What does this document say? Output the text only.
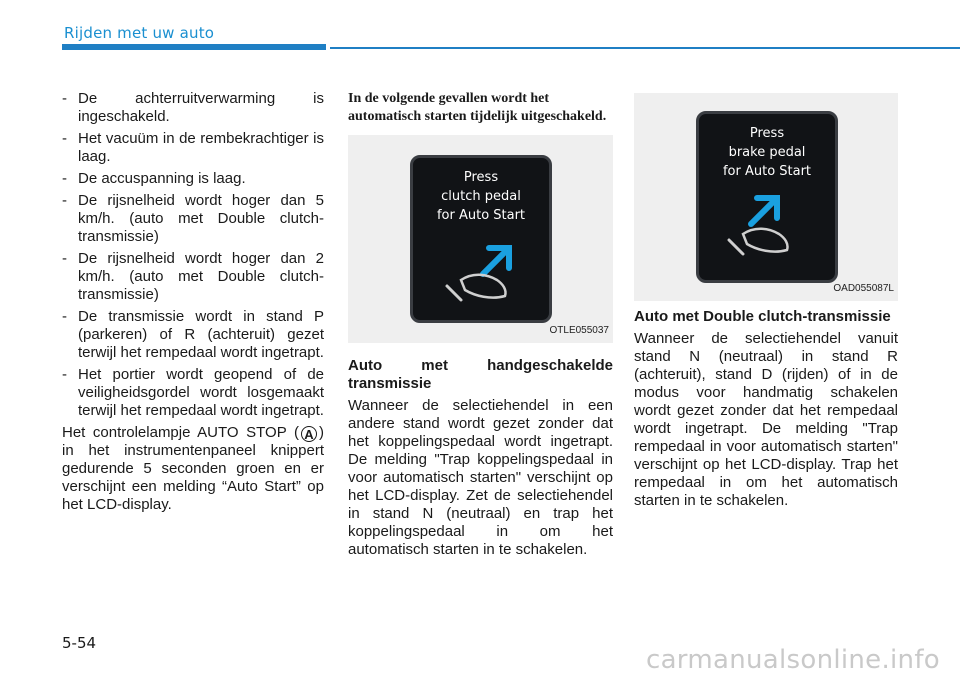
Rijden met uw auto
- De achterruitverwarming is ingeschakeld.
- Het vacuüm in de rembekrachtiger is laag.
- De accuspanning is laag.
- De rijsnelheid wordt hoger dan 5 km/h. (auto met Double clutch-transmissie)
- De rijsnelheid wordt hoger dan 2 km/h. (auto met Double clutch-transmissie)
- De transmissie wordt in stand P (parkeren) of R (achteruit) gezet terwijl het rempedaal wordt ingetrapt.
- Het portier wordt geopend of de veiligheidsgordel wordt losgemaakt terwijl het rempedaal wordt ingetrapt.
Het controlelampje AUTO STOP ( A ) in het instrumentenpaneel knippert gedurende 5 seconden groen en er verschijnt een melding “Auto Start” op het LCD-display.

In de volgende gevallen wordt het automatisch starten tijdelijk uitgeschakeld.

Press
clutch pedal
for Auto Start
OTLE055037

Auto met handgeschakelde transmissie

Wanneer de selectiehendel in een andere stand wordt gezet zonder dat het koppelingspedaal wordt ingetrapt. De melding "Trap koppelingspedaal in voor automatisch starten" verschijnt op het LCD-display. Zet de selectiehendel in stand N (neutraal) en trap het koppelingspedaal in om het automatisch starten in te schakelen.

Press
brake pedal
for Auto Start
OAD055087L

Auto met Double clutch-transmissie

Wanneer de selectiehendel vanuit stand N (neutraal) in stand R (achteruit), stand D (rijden) of in de modus voor handmatig schakelen wordt gezet zonder dat het rempedaal wordt ingetrapt. De melding "Trap rempedaal in voor automatisch starten" verschijnt op het LCD-display. Trap het rempedaal in om het automatisch starten in te schakelen.

5-54
carmanualsonline.info
